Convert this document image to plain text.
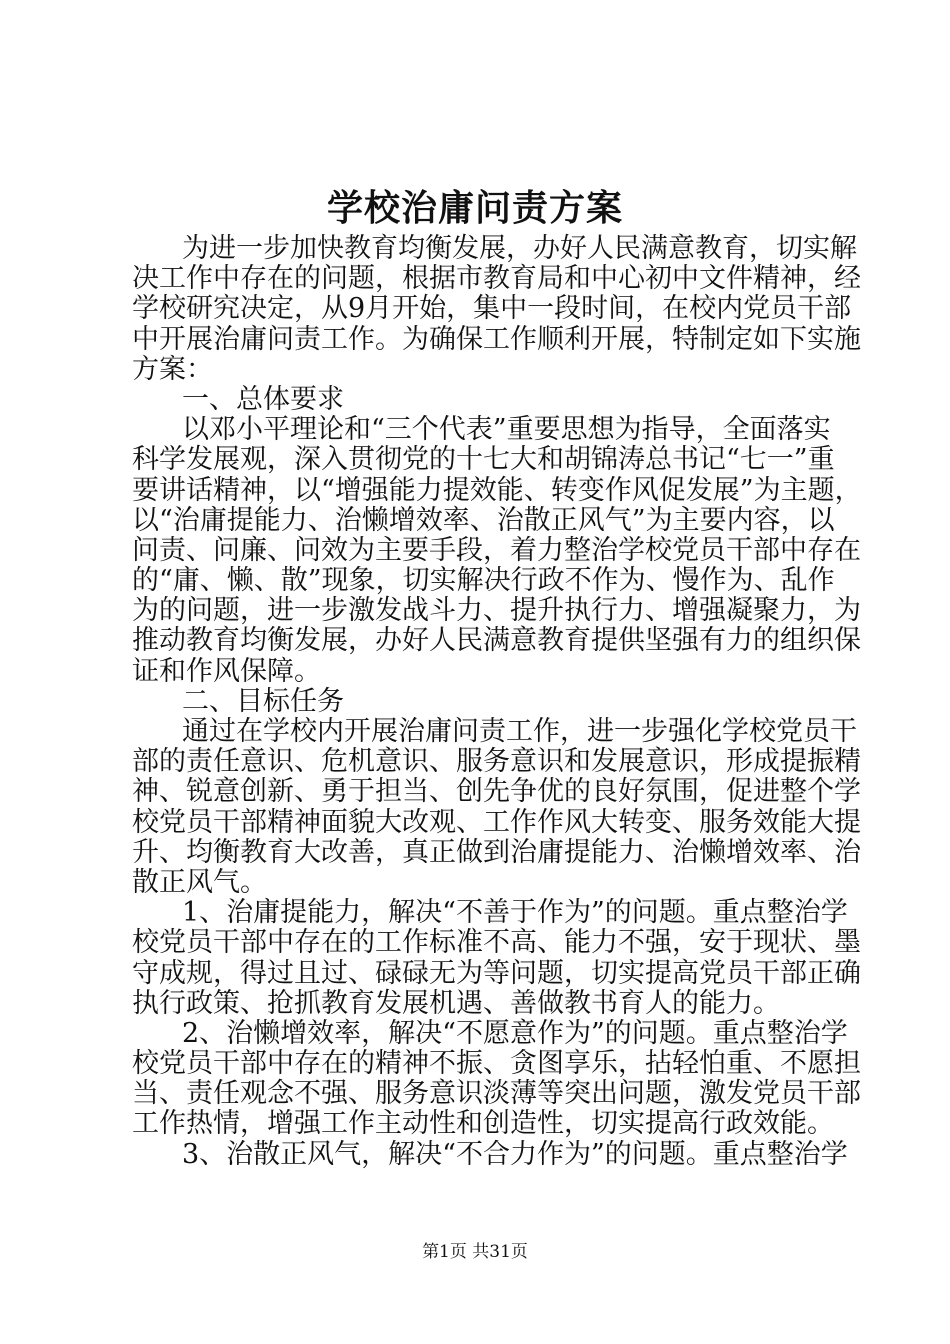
学校治庸问责方案
为进一步加快教育均衡发展，办好人民满意教育，切实解
决工作中存在的问题，根据市教育局和中心初中文件精神，经
学校研究决定，从9月开始，集中一段时间，在校内党员干部
中开展治庸问责工作。为确保工作顺利开展，特制定如下实施
方案：
一、总体要求
以邓小平理论和“三个代表”重要思想为指导，全面落实
科学发展观，深入贯彻党的十七大和胡锦涛总书记“七一”重
要讲话精神，以“增强能力提效能、转变作风促发展”为主题，
以“治庸提能力、治懒增效率、治散正风气”为主要内容，以
问责、问廉、问效为主要手段，着力整治学校党员干部中存在
的“庸、懒、散”现象，切实解决行政不作为、慢作为、乱作
为的问题，进一步激发战斗力、提升执行力、增强凝聚力，为
推动教育均衡发展，办好人民满意教育提供坚强有力的组织保
证和作风保障。
二、目标任务
通过在学校内开展治庸问责工作，进一步强化学校党员干
部的责任意识、危机意识、服务意识和发展意识，形成提振精
神、锐意创新、勇于担当、创先争优的良好氛围，促进整个学
校党员干部精神面貌大改观、工作作风大转变、服务效能大提
升、均衡教育大改善，真正做到治庸提能力、治懒增效率、治
散正风气。
1、治庸提能力，解决“不善于作为”的问题。重点整治学
校党员干部中存在的工作标准不高、能力不强，安于现状、墨
守成规，得过且过、碌碌无为等问题，切实提高党员干部正确
执行政策、抢抓教育发展机遇、善做教书育人的能力。
2、治懒增效率，解决“不愿意作为”的问题。重点整治学
校党员干部中存在的精神不振、贪图享乐，拈轻怕重、不愿担
当、责任观念不强、服务意识淡薄等突出问题，激发党员干部
工作热情，增强工作主动性和创造性，切实提高行政效能。
3、治散正风气，解决“不合力作为”的问题。重点整治学
第1页 共31页
